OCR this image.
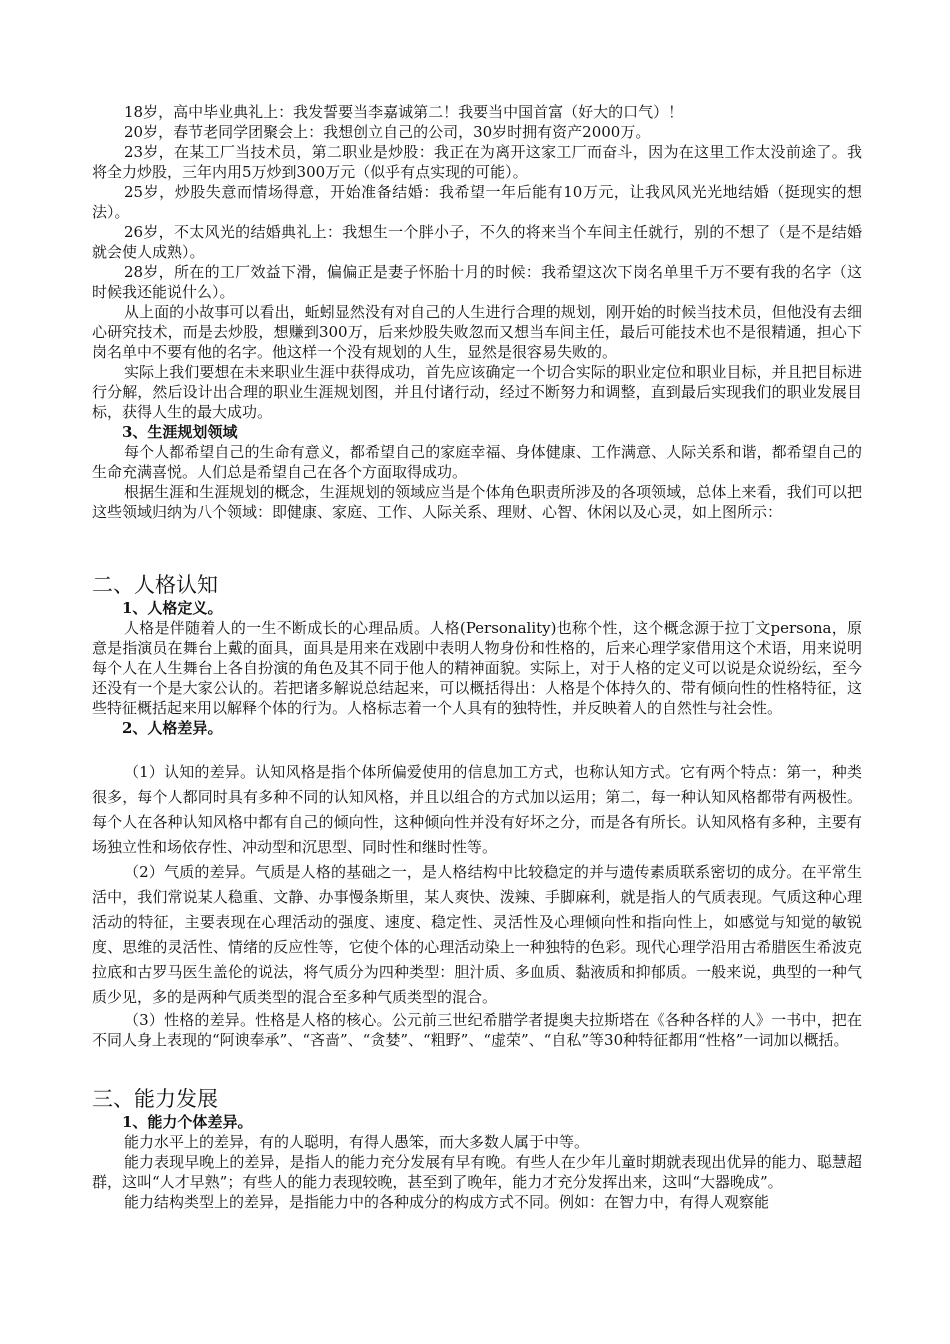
18岁，高中毕业典礼上：我发誓要当李嘉诚第二！我要当中国首富（好大的口气）！

20岁，春节老同学团聚会上：我想创立自己的公司，30岁时拥有资产2000万。

23岁，在某工厂当技术员，第二职业是炒股：我正在为离开这家工厂而奋斗，因为在这里工作太没前途了。我将全力炒股，三年内用5万炒到300万元（似乎有点实现的可能）。

25岁，炒股失意而情场得意，开始准备结婚：我希望一年后能有10万元，让我风风光光地结婚（挺现实的想法）。

26岁，不太风光的结婚典礼上：我想生一个胖小子，不久的将来当个车间主任就行，别的不想了（是不是结婚就会使人成熟）。

28岁，所在的工厂效益下滑，偏偏正是妻子怀胎十月的时候：我希望这次下岗名单里千万不要有我的名字（这时候我还能说什么）。

从上面的小故事可以看出，蚯蚓显然没有对自己的人生进行合理的规划，刚开始的时候当技术员，但他没有去细心研究技术，而是去炒股，想赚到300万，后来炒股失败忽而又想当车间主任，最后可能技术也不是很精通，担心下岗名单中不要有他的名字。他这样一个没有规划的人生，显然是很容易失败的。

实际上我们要想在未来职业生涯中获得成功，首先应该确定一个切合实际的职业定位和职业目标，并且把目标进行分解，然后设计出合理的职业生涯规划图，并且付诸行动，经过不断努力和调整，直到最后实现我们的职业发展目标，获得人生的最大成功。

3、生涯规划领域

每个人都希望自己的生命有意义，都希望自己的家庭幸福、身体健康、工作满意、人际关系和谐，都希望自己的生命充满喜悦。人们总是希望自己在各个方面取得成功。

根据生涯和生涯规划的概念，生涯规划的领域应当是个体角色职责所涉及的各项领域，总体上来看，我们可以把这些领域归纳为八个领域：即健康、家庭、工作、人际关系、理财、心智、休闲以及心灵，如上图所示：

二、人格认知

1、人格定义。

人格是伴随着人的一生不断成长的心理品质。人格(Personality)也称个性，这个概念源于拉丁文persona，原意是指演员在舞台上戴的面具，面具是用来在戏剧中表明人物身份和性格的，后来心理学家借用这个术语，用来说明每个人在人生舞台上各自扮演的角色及其不同于他人的精神面貌。实际上，对于人格的定义可以说是众说纷纭，至今还没有一个是大家公认的。若把诸多解说总结起来，可以概括得出：人格是个体持久的、带有倾向性的性格特征，这些特征概括起来用以解释个体的行为。人格标志着一个人具有的独特性，并反映着人的自然性与社会性。

2、人格差异。

（1）认知的差异。认知风格是指个体所偏爱使用的信息加工方式，也称认知方式。它有两个特点：第一，种类很多，每个人都同时具有多种不同的认知风格，并且以组合的方式加以运用；第二，每一种认知风格都带有两极性。每个人在各种认知风格中都有自己的倾向性，这种倾向性并没有好坏之分，而是各有所长。认知风格有多种，主要有场独立性和场依存性、冲动型和沉思型、同时性和继时性等。

（2）气质的差异。气质是人格的基础之一，是人格结构中比较稳定的并与遗传素质联系密切的成分。在平常生活中，我们常说某人稳重、文静、办事慢条斯里，某人爽快、泼辣、手脚麻利，就是指人的气质表现。气质这种心理活动的特征，主要表现在心理活动的强度、速度、稳定性、灵活性及心理倾向性和指向性上，如感觉与知觉的敏锐度、思维的灵活性、情绪的反应性等，它使个体的心理活动染上一种独特的色彩。现代心理学沿用古希腊医生希波克拉底和古罗马医生盖伦的说法，将气质分为四种类型：胆汁质、多血质、黏液质和抑郁质。一般来说，典型的一种气质少见，多的是两种气质类型的混合至多种气质类型的混合。

（3）性格的差异。性格是人格的核心。公元前三世纪希腊学者提奥夫拉斯塔在《各种各样的人》一书中，把在不同人身上表现的“阿谀奉承”、“吝啬”、“贪婪”、“粗野”、“虚荣”、“自私”等30种特征都用“性格”一词加以概括。

三、能力发展

1、能力个体差异。

能力水平上的差异，有的人聪明，有得人愚笨，而大多数人属于中等。

能力表现早晚上的差异，是指人的能力充分发展有早有晚。有些人在少年儿童时期就表现出优异的能力、聪慧超群，这叫“人才早熟”；有些人的能力表现较晚，甚至到了晚年，能力才充分发挥出来，这叫“大器晚成”。

能力结构类型上的差异，是指能力中的各种成分的构成方式不同。例如：在智力中，有得人观察能
